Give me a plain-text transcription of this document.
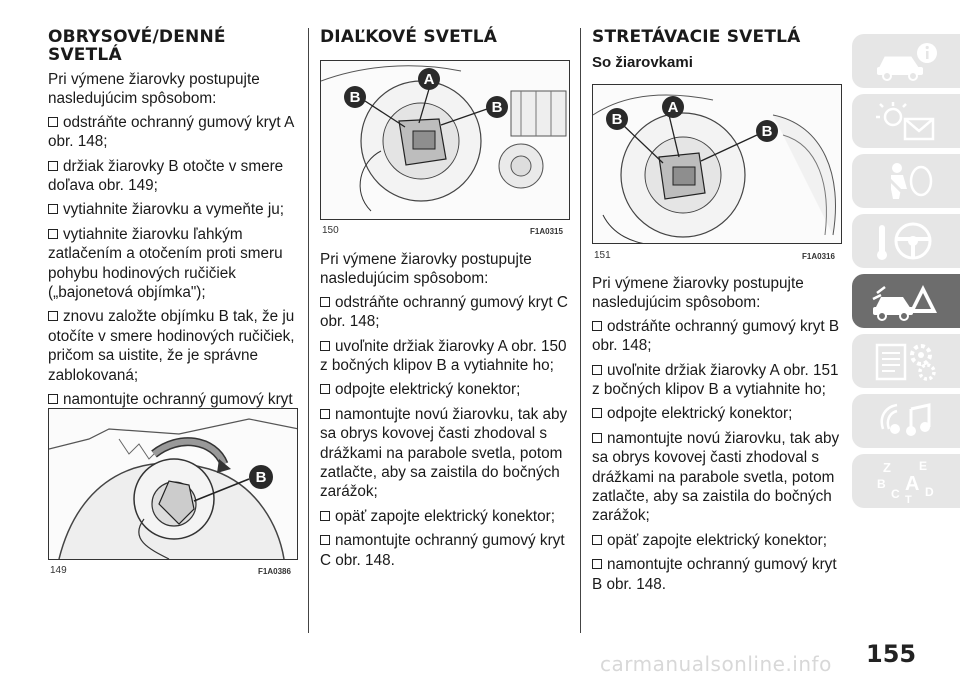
OBRYSOVÉ/DENNÉ SVETLÁ

Pri výmene žiarovky postupujte nasledujúcim spôsobom:

odstráňte ochranný gumový kryt A obr. 148;
držiak žiarovky B otočte v smere doľava obr. 149;
vytiahnite žiarovku a vymeňte ju;
vytiahnite žiarovku ľahkým zatlačením a otočením proti smeru pohybu hodinových ručičiek („bajonetová objímka");
znovu založte objímku B tak, že ju otočíte v smere hodinových ručičiek, pričom sa uistite, že je správne zablokovaná;
namontujte ochranný gumový kryt
B
149	F1A0386
DIAĽKOVÉ SVETLÁ
A
B
B
150	F1A0315

Pri výmene žiarovky postupujte nasledujúcim spôsobom:

odstráňte ochranný gumový kryt C obr. 148;
uvoľnite držiak žiarovky A obr. 150 z bočných klipov B a vytiahnite ho;
odpojte elektrický konektor;
namontujte novú žiarovku, tak aby sa obrys kovovej časti zhodoval s drážkami na parabole svetla, potom zatlačte, aby sa zaistila do bočných zarážok;
opäť zapojte elektrický konektor;
namontujte ochranný gumový kryt C obr. 148.
STRETÁVACIE SVETLÁ
So žiarovkami
A
B
B
151	F1A0316

Pri výmene žiarovky postupujte nasledujúcim spôsobom:

odstráňte ochranný gumový kryt B obr. 148;
uvoľnite držiak žiarovky A obr. 151 z bočných klipov B a vytiahnite ho;
odpojte elektrický konektor;
namontujte novú žiarovku, tak aby sa obrys kovovej časti zhodoval s drážkami na parabole svetla, potom zatlačte, aby sa zaistila do bočných zarážok;
opäť zapojte elektrický konektor;
namontujte ochranný gumový kryt B obr. 148.
Z E
B A
C T
D
155
carmanualsonline.info
